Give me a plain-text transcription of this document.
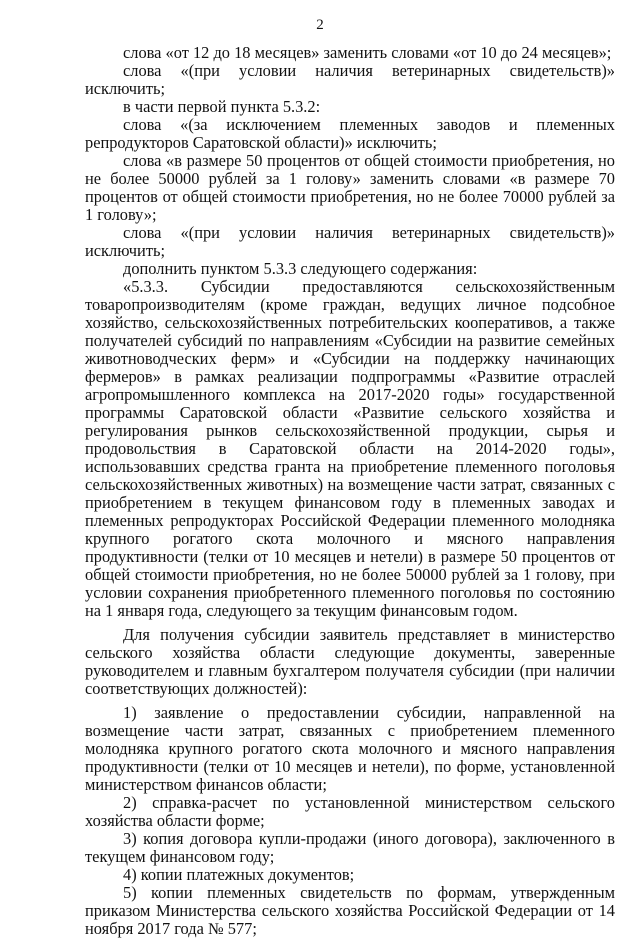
2

слова «от 12 до 18 месяцев» заменить словами «от 10 до 24 месяцев»;

слова «(при условии наличия ветеринарных свидетельств)» исключить;

в части первой пункта 5.3.2:

слова «(за исключением племенных заводов и племенных репродукторов Саратовской области)» исключить;

слова «в размере 50 процентов от общей стоимости приобретения, но не более 50000 рублей за 1 голову» заменить словами «в размере 70 процентов от общей стоимости приобретения, но не более 70000 рублей за 1 голову»;

слова «(при условии наличия ветеринарных свидетельств)» исключить;

дополнить пунктом 5.3.3 следующего содержания:

«5.3.3. Субсидии предоставляются сельскохозяйственным товаропроизводителям (кроме граждан, ведущих личное подсобное хозяйство, сельскохозяйственных потребительских кооперативов, а также получателей субсидий по направлениям «Субсидии на развитие семейных животноводческих ферм» и «Субсидии на поддержку начинающих фермеров» в рамках реализации подпрограммы «Развитие отраслей агропромышленного комплекса на 2017-2020 годы» государственной программы Саратовской области «Развитие сельского хозяйства и регулирования рынков сельскохозяйственной продукции, сырья и продовольствия в Саратовской области на 2014-2020 годы», использовавших средства гранта на приобретение племенного поголовья сельскохозяйственных животных) на возмещение части затрат, связанных с приобретением в текущем финансовом году в племенных заводах и племенных репродукторах Российской Федерации племенного молодняка крупного рогатого скота молочного и мясного направления продуктивности (телки от 10 месяцев и нетели) в размере 50 процентов от общей стоимости приобретения, но не более 50000 рублей за 1 голову, при условии сохранения приобретенного племенного поголовья по состоянию на 1 января года, следующего за текущим финансовым годом.

Для получения субсидии заявитель представляет в министерство сельского хозяйства области следующие документы, заверенные руководителем и главным бухгалтером получателя субсидии (при наличии соответствующих должностей):

1) заявление о предоставлении субсидии, направленной на возмещение части затрат, связанных с приобретением племенного молодняка крупного рогатого скота молочного и мясного направления продуктивности (телки от 10 месяцев и нетели), по форме, установленной министерством финансов области;

2) справка-расчет по установленной министерством сельского хозяйства области форме;

3) копия договора купли-продажи (иного договора), заключенного в текущем финансовом году;

4) копии платежных документов;

5) копии племенных свидетельств по формам, утвержденным приказом Министерства сельского хозяйства Российской Федерации от 14 ноября 2017 года № 577;
